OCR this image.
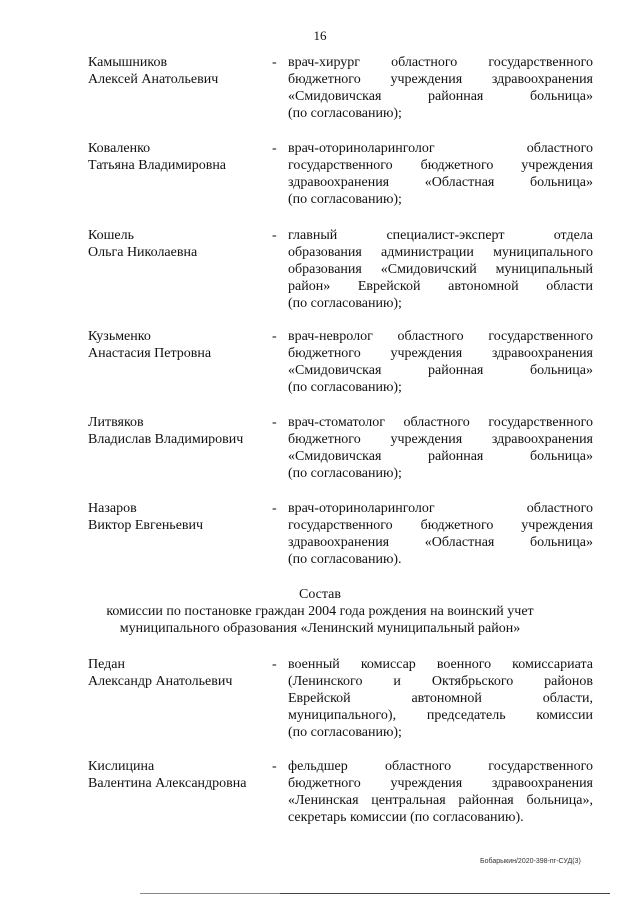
16
Камышников
Алексей Анатольевич
- врач-хирург областного государственного
бюджетного учреждения здравоохранения
«Смидовичская районная больница»
(по согласованию);
Коваленко
Татьяна Владимировна
- врач-оториноларинголог областного
государственного бюджетного учреждения
здравоохранения «Областная больница»
(по согласованию);
Кошель
Ольга Николаевна
- главный специалист-эксперт отдела
образования администрации муниципального
образования «Смидовичский муниципальный
район» Еврейской автономной области
(по согласованию);
Кузьменко
Анастасия Петровна
- врач-невролог областного государственного
бюджетного учреждения здравоохранения
«Смидовичская районная больница»
(по согласованию);
Литвяков
Владислав Владимирович
- врач-стоматолог областного государственного
бюджетного учреждения здравоохранения
«Смидовичская районная больница»
(по согласованию);
Назаров
Виктор Евгеньевич
- врач-оториноларинголог областного
государственного бюджетного учреждения
здравоохранения «Областная больница»
(по согласованию).
Состав
комиссии по постановке граждан 2004 года рождения на воинский учет
муниципального образования «Ленинский муниципальный район»
Педан
Александр Анатольевич
- военный комиссар военного комиссариата
(Ленинского и Октябрьского районов
Еврейской автономной области,
муниципального), председатель комиссии
(по согласованию);
Кислицина
Валентина Александровна
- фельдшер областного государственного
бюджетного учреждения здравоохранения
«Ленинская центральная районная больница»,
секретарь комиссии (по согласованию).
Бобарыкин/2020-398-пг-СУД(3)
